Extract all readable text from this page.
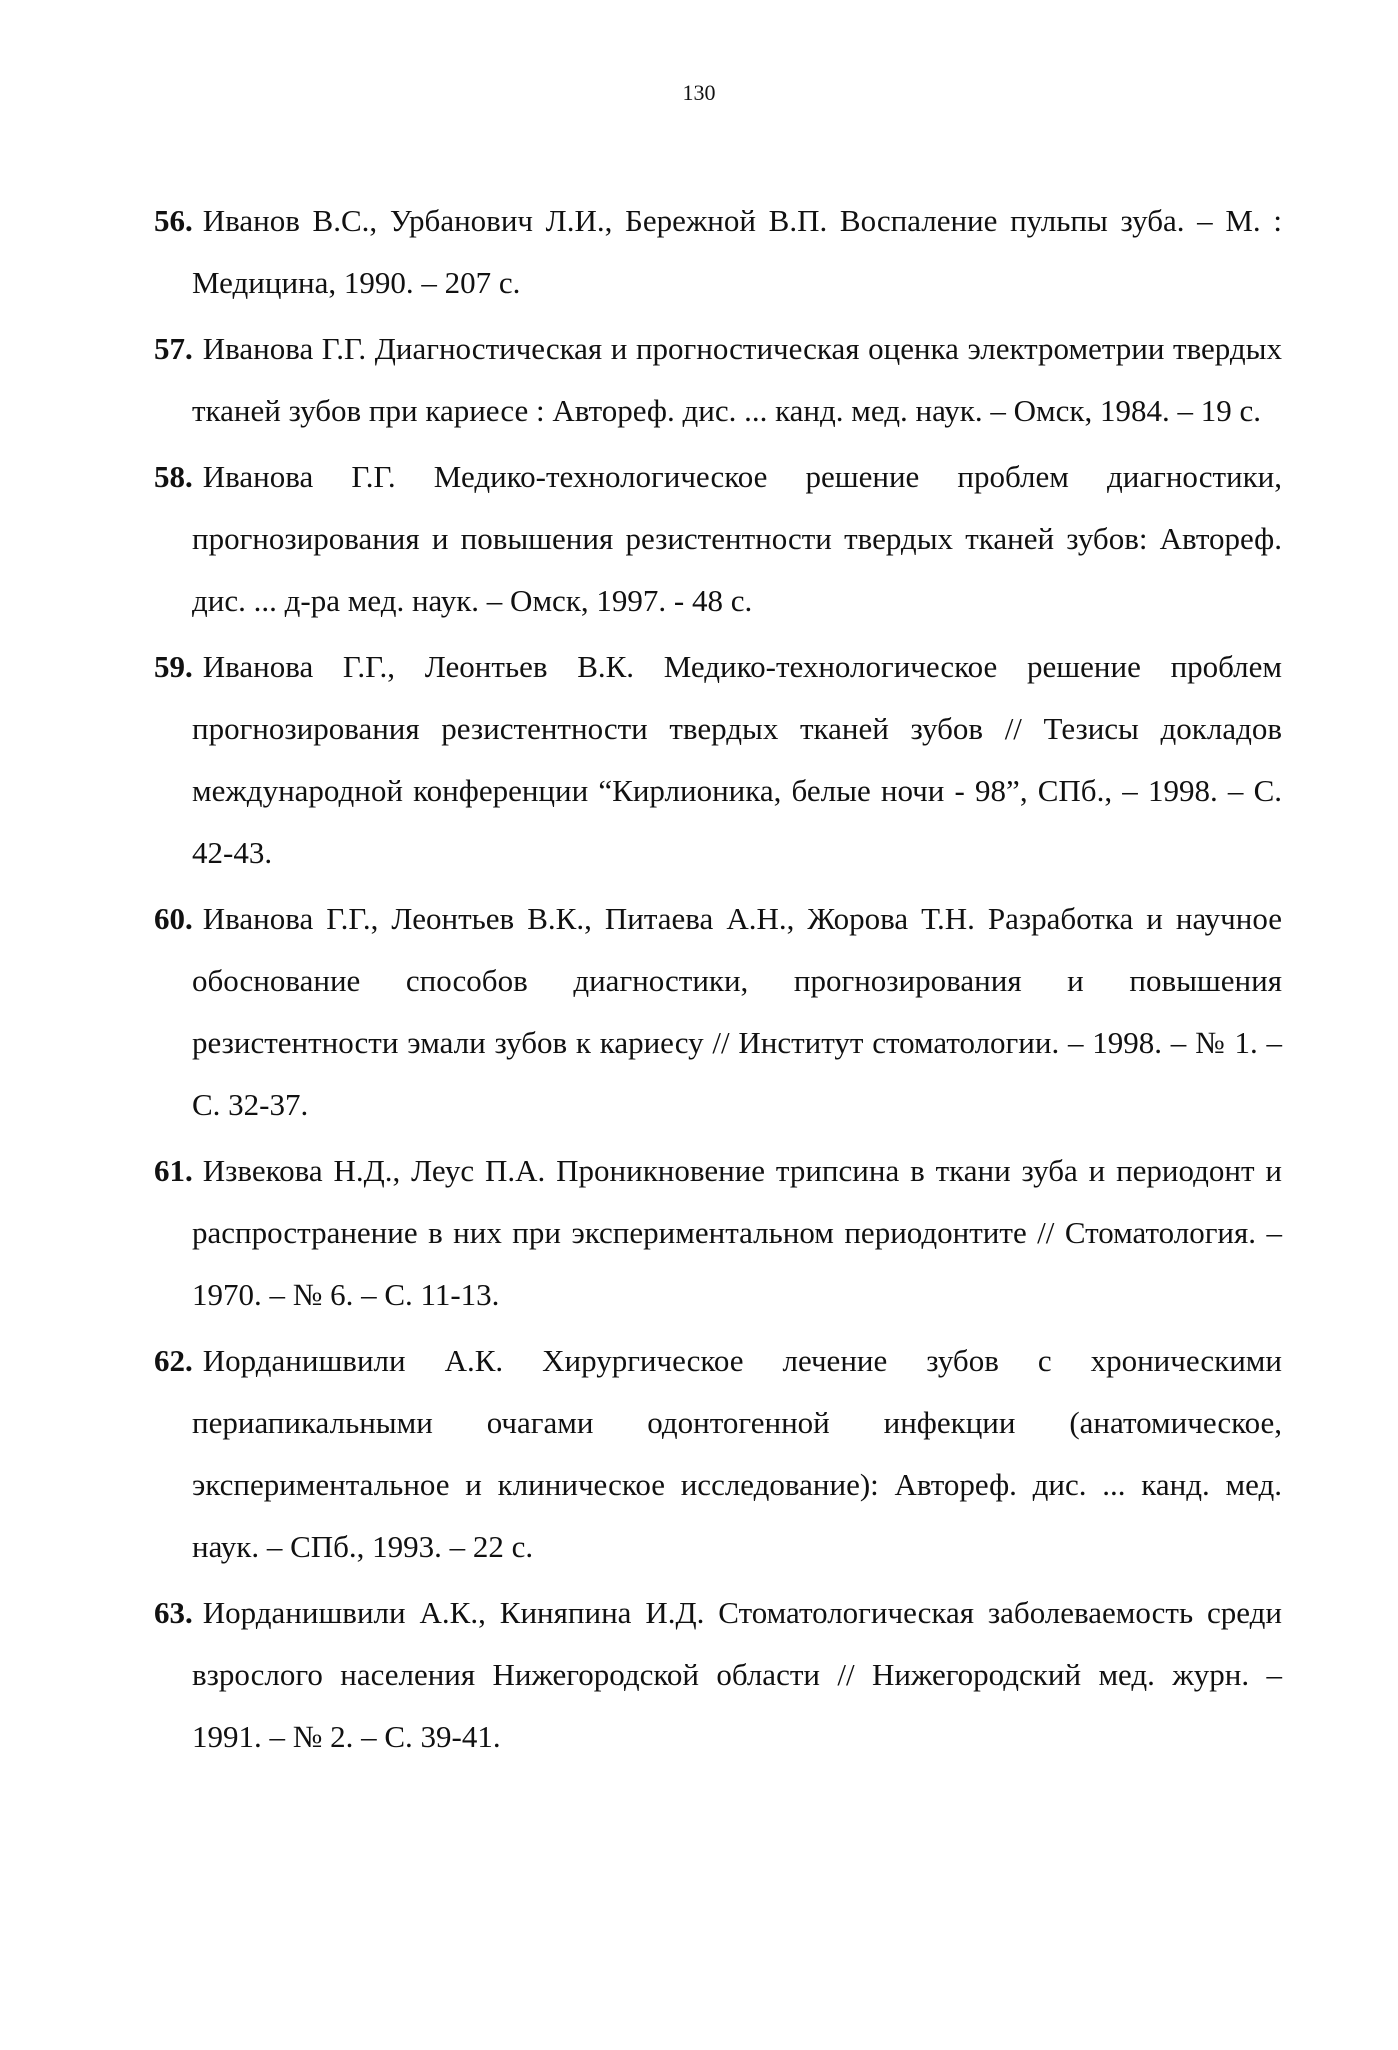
130

56. Иванов В.С., Урбанович Л.И., Бережной В.П. Воспаление пульпы зуба. – М. : Медицина, 1990. – 207 с.

57. Иванова Г.Г. Диагностическая и прогностическая оценка электрометрии твердых тканей зубов при кариесе : Автореф. дис. ... канд. мед. наук. – Омск, 1984. – 19 с.

58. Иванова Г.Г. Медико-технологическое решение проблем диагностики, прогнозирования и повышения резистентности твердых тканей зубов: Автореф. дис. ... д-ра мед. наук. – Омск, 1997. - 48 с.

59. Иванова Г.Г., Леонтьев В.К. Медико-технологическое решение проблем прогнозирования резистентности твердых тканей зубов // Тезисы докладов международной конференции “Кирлионика, белые ночи - 98”, СПб., – 1998. – С. 42-43.

60. Иванова Г.Г., Леонтьев В.К., Питаева А.Н., Жорова Т.Н. Разработка и научное обоснование способов диагностики, прогнозирования и повышения резистентности эмали зубов к кариесу // Институт стоматологии. – 1998. – № 1. – С. 32-37.

61. Извекова Н.Д., Леус П.А. Проникновение трипсина в ткани зуба и периодонт и распространение в них при экспериментальном периодонтите // Стоматология. – 1970. – № 6. – С. 11-13.

62. Иорданишвили А.К. Хирургическое лечение зубов с хроническими периапикальными очагами одонтогенной инфекции (анатомическое, экспериментальное и клиническое исследование): Автореф. дис. ... канд. мед. наук. – СПб., 1993. – 22 с.

63. Иорданишвили А.К., Киняпина И.Д. Стоматологическая заболеваемость среди взрослого населения Нижегородской области // Нижегородский мед. журн. – 1991. – № 2. – С. 39-41.
